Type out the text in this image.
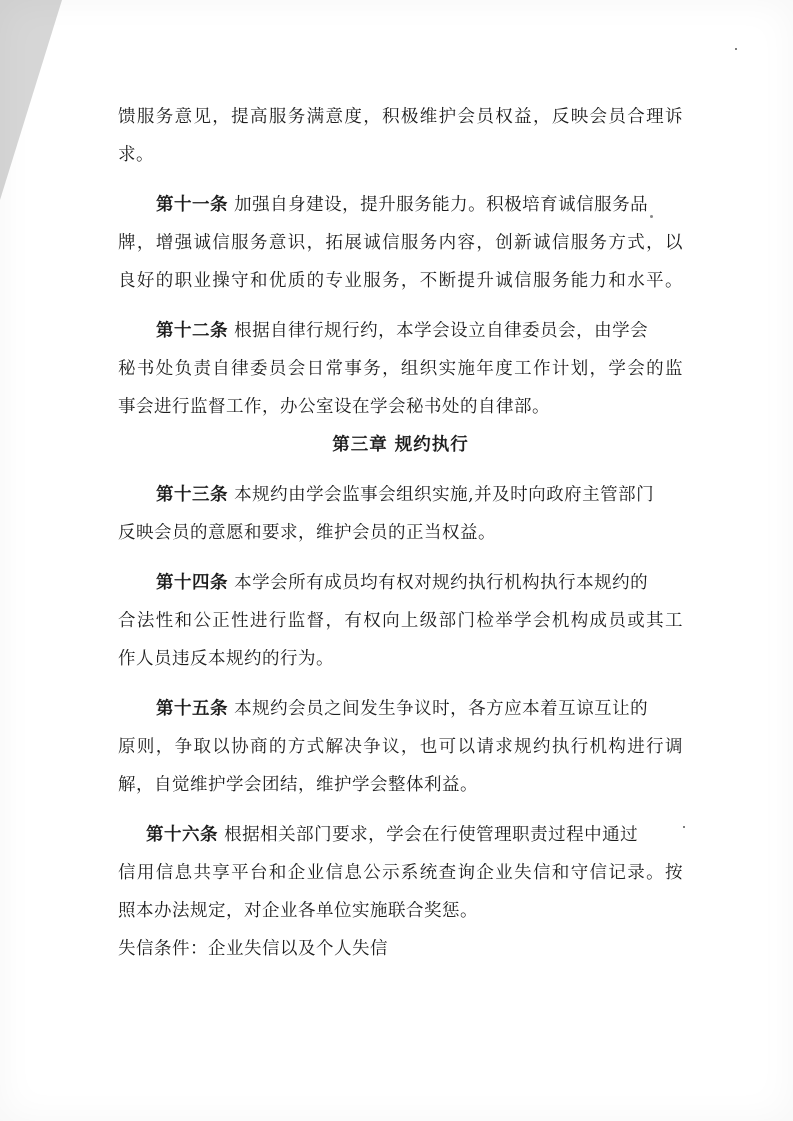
馈服务意见，提高服务满意度，积极维护会员权益，反映会员合理诉
求。
第十一条 加强自身建设，提升服务能力。积极培育诚信服务品
牌，增强诚信服务意识，拓展诚信服务内容，创新诚信服务方式，以
良好的职业操守和优质的专业服务，不断提升诚信服务能力和水平。
第十二条 根据自律行规行约，本学会设立自律委员会，由学会
秘书处负责自律委员会日常事务，组织实施年度工作计划，学会的监
事会进行监督工作，办公室设在学会秘书处的自律部。
第三章 规约执行
第十三条 本规约由学会监事会组织实施,并及时向政府主管部门
反映会员的意愿和要求，维护会员的正当权益。
第十四条 本学会所有成员均有权对规约执行机构执行本规约的
合法性和公正性进行监督，有权向上级部门检举学会机构成员或其工
作人员违反本规约的行为。
第十五条 本规约会员之间发生争议时，各方应本着互谅互让的
原则，争取以协商的方式解决争议，也可以请求规约执行机构进行调
解，自觉维护学会团结，维护学会整体利益。
第十六条 根据相关部门要求，学会在行使管理职责过程中通过
信用信息共享平台和企业信息公示系统查询企业失信和守信记录。按
照本办法规定，对企业各单位实施联合奖惩。
失信条件：企业失信以及个人失信
